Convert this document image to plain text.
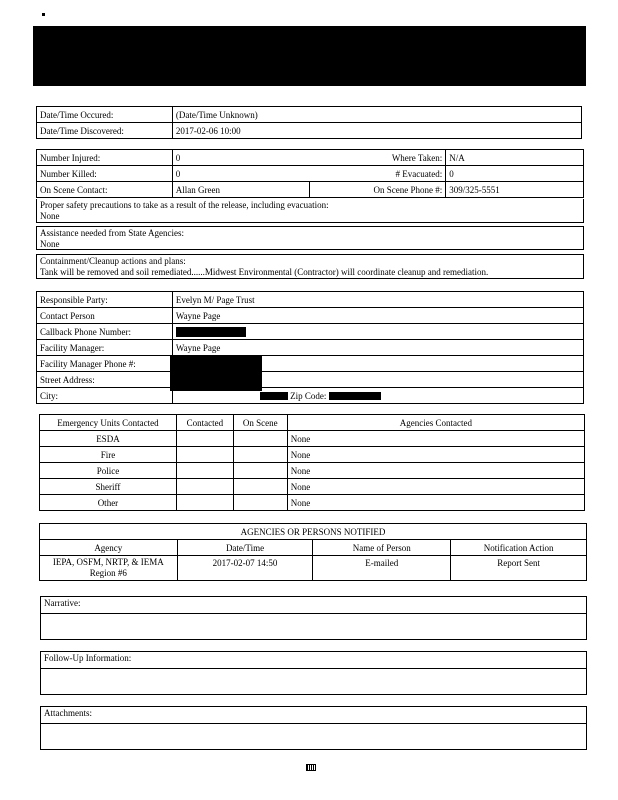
Date/Time Occured:	(Date/Time Unknown)
Date/Time Discovered:	2017-02-06 10:00
Number Injured:	0	Where Taken:	N/A
Number Killed:	0	# Evacuated:	0
On Scene Contact:	Allan Green	On Scene Phone #:	309/325-5551
Proper safety precautions to take as a result of the release, including evacuation:
None
Assistance needed from State Agencies:
None
Containment/Cleanup actions and plans:
Tank will be removed and soil remediated......Midwest Environmental (Contractor) will coordinate cleanup and remediation.
Responsible Party:	Evelyn M/ Page Trust
Contact Person	Wayne Page
Callback Phone Number:	
Facility Manager:	Wayne Page
Facility Manager Phone #:	
Street Address:	
City:	Zip Code:
Emergency Units Contacted	Contacted	On Scene	Agencies Contacted
ESDA			None
Fire			None
Police			None
Sheriff			None
Other			None
AGENCIES OR PERSONS NOTIFIED			
Agency	Date/Time	Name of Person	Notification Action
IEPA, OSFM, NRTP, & IEMA Region #6	2017-02-07 14:50	E-mailed	Report Sent
Narrative:
Follow-Up Information:
Attachments:
